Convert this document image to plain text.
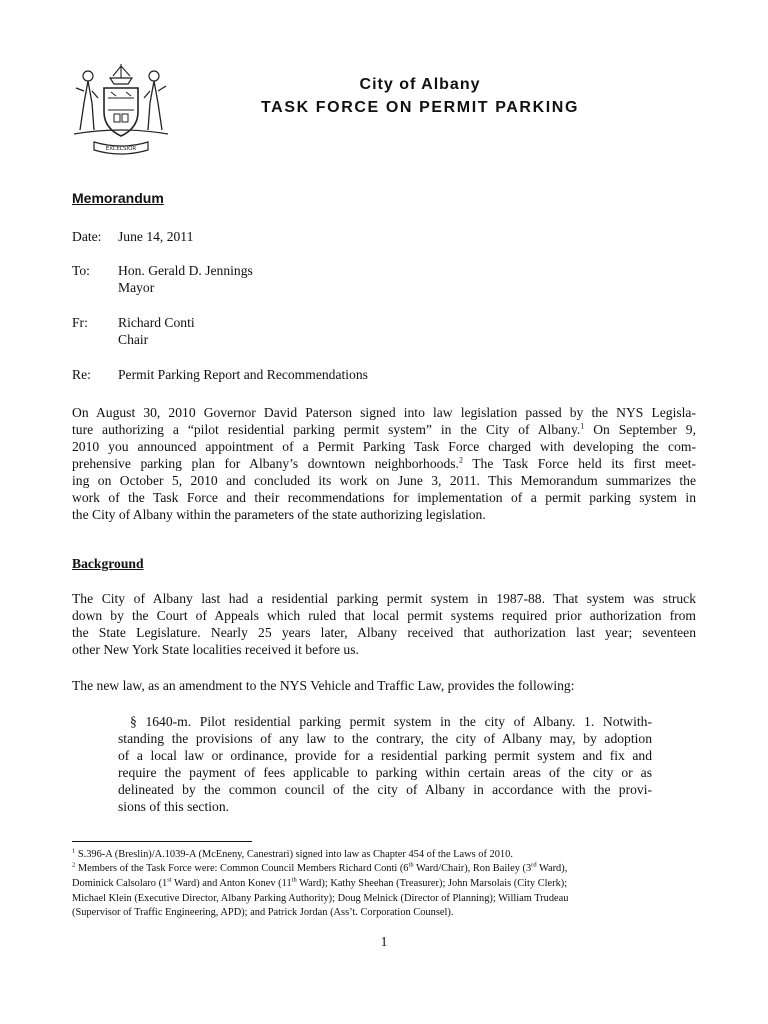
EXCELSIOR
City of Albany
TASK FORCE ON PERMIT PARKING
Memorandum
Date: June 14, 2011
To: Hon. Gerald D. Jennings
Mayor
Fr: Richard Conti
Chair
Re: Permit Parking Report and Recommendations
On August 30, 2010 Governor David Paterson signed into law legislation passed by the NYS Legisla-
ture authorizing a “pilot residential parking permit system” in the City of Albany.$^1$ On September 9,
2010 you announced appointment of a Permit Parking Task Force charged with developing the com-
prehensive parking plan for Albany’s downtown neighborhoods.$^2$ The Task Force held its first meet-
ing on October 5, 2010 and concluded its work on June 3, 2011. This Memorandum summarizes the
work of the Task Force and their recommendations for implementation of a permit parking system in
the City of Albany within the parameters of the state authorizing legislation.
Background
The City of Albany last had a residential parking permit system in 1987-88. That system was struck
down by the Court of Appeals which ruled that local permit systems required prior authorization from
the State Legislature. Nearly 25 years later, Albany received that authorization last year; seventeen
other New York State localities received it before us.
The new law, as an amendment to the NYS Vehicle and Traffic Law, provides the following:
§ 1640-m. Pilot residential parking permit system in the city of Albany. 1. Notwith-
standing the provisions of any law to the contrary, the city of Albany may, by adoption
of a local law or ordinance, provide for a residential parking permit system and fix and
require the payment of fees applicable to parking within certain areas of the city or as
delineated by the common council of the city of Albany in accordance with the provi-
sions of this section.
$^1$ S.396-A (Breslin)/A.1039-A (McEneny, Canestrari) signed into law as Chapter 454 of the Laws of 2010.
$^2$ Members of the Task Force were: Common Council Members Richard Conti (6th Ward/Chair), Ron Bailey (3rd Ward),
Dominick Calsolaro (1st Ward) and Anton Konev (11th Ward); Kathy Sheehan (Treasurer); John Marsolais (City Clerk);
Michael Klein (Executive Director, Albany Parking Authority); Doug Melnick (Director of Planning); William Trudeau
(Supervisor of Traffic Engineering, APD); and Patrick Jordan (Ass’t. Corporation Counsel).
1
